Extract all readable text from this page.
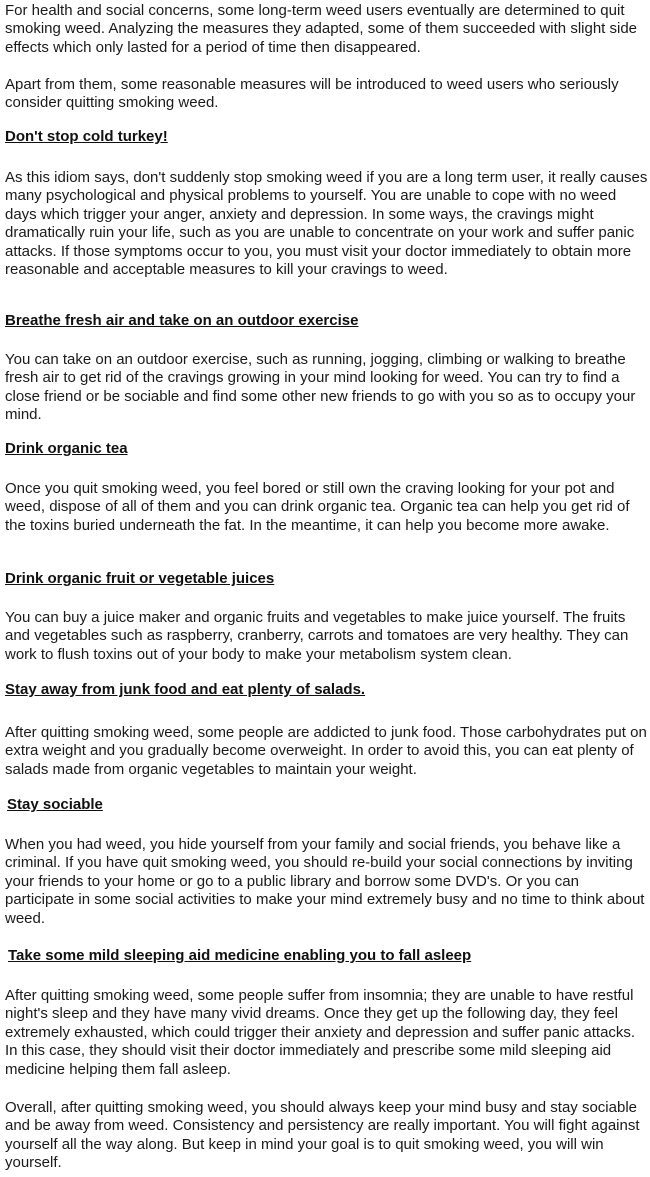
For health and social concerns, some long-term weed users eventually are determined to quit smoking weed. Analyzing the measures they adapted, some of them succeeded with slight side effects which only lasted for a period of time then disappeared.

Apart from them, some reasonable measures will be introduced to weed users who seriously consider quitting smoking weed.

Don't stop cold turkey!

As this idiom says, don't suddenly stop smoking weed if you are a long term user, it really causes many psychological and physical problems to yourself. You are unable to cope with no weed days which trigger your anger, anxiety and depression. In some ways, the cravings might dramatically ruin your life, such as you are unable to concentrate on your work and suffer panic attacks. If those symptoms occur to you, you must visit your doctor immediately to obtain more reasonable and acceptable measures to kill your cravings to weed.

Breathe fresh air and take on an outdoor exercise

You can take on an outdoor exercise, such as running, jogging, climbing or walking to breathe fresh air to get rid of the cravings growing in your mind looking for weed. You can try to find a close friend or be sociable and find some other new friends to go with you so as to occupy your mind.

Drink organic tea

Once you quit smoking weed, you feel bored or still own the craving looking for your pot and weed, dispose of all of them and you can drink organic tea. Organic tea can help you get rid of the toxins buried underneath the fat. In the meantime, it can help you become more awake.

Drink organic fruit or vegetable juices

You can buy a juice maker and organic fruits and vegetables to make juice yourself. The fruits and vegetables such as raspberry, cranberry, carrots and tomatoes are very healthy. They can work to flush toxins out of your body to make your metabolism system clean.

Stay away from junk food and eat plenty of salads.

After quitting smoking weed, some people are addicted to junk food. Those carbohydrates put on extra weight and you gradually become overweight. In order to avoid this, you can eat plenty of salads made from organic vegetables to maintain your weight.

Stay sociable

When you had weed, you hide yourself from your family and social friends, you behave like a criminal. If you have quit smoking weed, you should re-build your social connections by inviting your friends to your home or go to a public library and borrow some DVD's. Or you can participate in some social activities to make your mind extremely busy and no time to think about weed.

Take some mild sleeping aid medicine enabling you to fall asleep

After quitting smoking weed, some people suffer from insomnia; they are unable to have restful night's sleep and they have many vivid dreams. Once they get up the following day, they feel extremely exhausted, which could trigger their anxiety and depression and suffer panic attacks. In this case, they should visit their doctor immediately and prescribe some mild sleeping aid medicine helping them fall asleep.

Overall, after quitting smoking weed, you should always keep your mind busy and stay sociable and be away from weed. Consistency and persistency are really important. You will fight against yourself all the way along. But keep in mind your goal is to quit smoking weed, you will win yourself.
